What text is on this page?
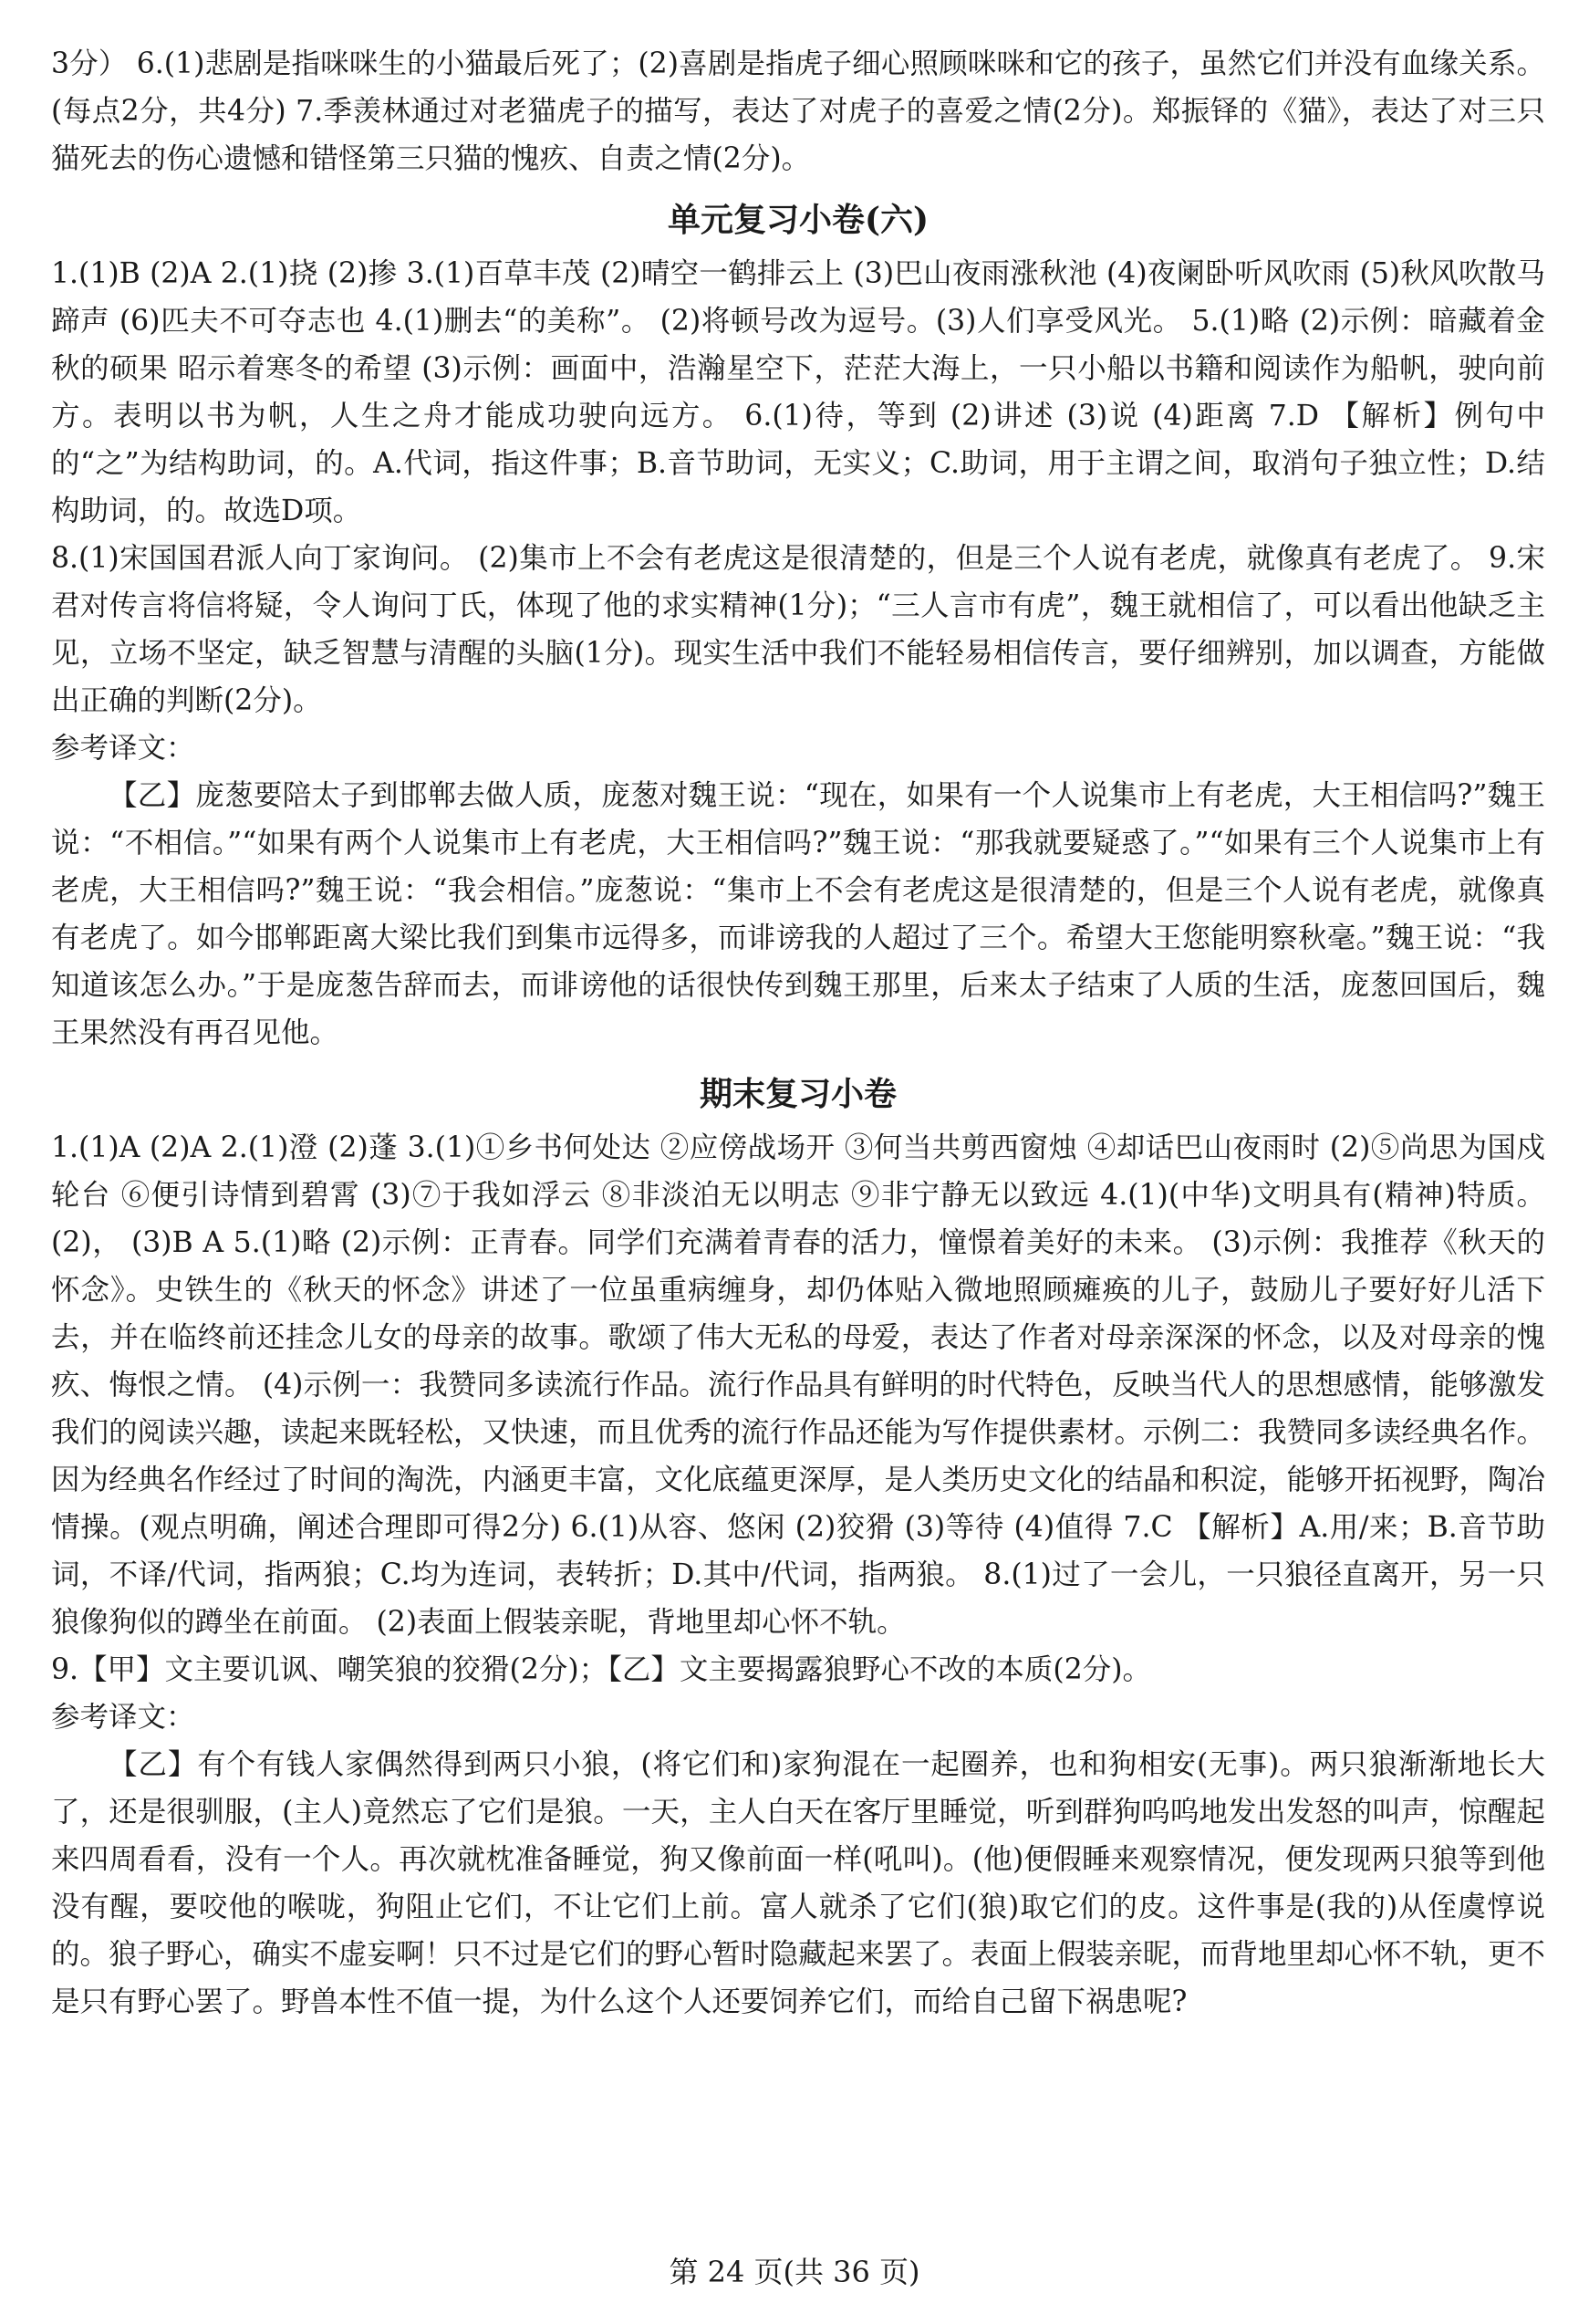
3分） 6.(1)悲剧是指咪咪生的小猫最后死了；(2)喜剧是指虎子细心照顾咪咪和它的孩子，虽然它们并没有血缘关系。(每点2分，共4分) 7.季羡林通过对老猫虎子的描写，表达了对虎子的喜爱之情(2分)。郑振铎的《猫》，表达了对三只猫死去的伤心遗憾和错怪第三只猫的愧疚、自责之情(2分)。

单元复习小卷(六)

1.(1)B (2)A 2.(1)挠 (2)掺 3.(1)百草丰茂 (2)晴空一鹤排云上 (3)巴山夜雨涨秋池 (4)夜阑卧听风吹雨 (5)秋风吹散马蹄声 (6)匹夫不可夺志也 4.(1)删去“的美称”。 (2)将顿号改为逗号。(3)人们享受风光。 5.(1)略 (2)示例：暗藏着金秋的硕果 昭示着寒冬的希望 (3)示例：画面中，浩瀚星空下，茫茫大海上，一只小船以书籍和阅读作为船帆，驶向前方。表明以书为帆，人生之舟才能成功驶向远方。 6.(1)待，等到 (2)讲述 (3)说 (4)距离 7.D 【解析】例句中的“之”为结构助词，的。A.代词，指这件事；B.音节助词，无实义；C.助词，用于主谓之间，取消句子独立性；D.结构助词，的。故选D项。

8.(1)宋国国君派人向丁家询问。 (2)集市上不会有老虎这是很清楚的，但是三个人说有老虎，就像真有老虎了。 9.宋君对传言将信将疑，令人询问丁氏，体现了他的求实精神(1分)；“三人言市有虎”，魏王就相信了，可以看出他缺乏主见，立场不坚定，缺乏智慧与清醒的头脑(1分)。现实生活中我们不能轻易相信传言，要仔细辨别，加以调查，方能做出正确的判断(2分)。

参考译文：

【乙】庞葱要陪太子到邯郸去做人质，庞葱对魏王说：“现在，如果有一个人说集市上有老虎，大王相信吗?”魏王说：“不相信。”“如果有两个人说集市上有老虎，大王相信吗?”魏王说：“那我就要疑惑了。”“如果有三个人说集市上有老虎，大王相信吗?”魏王说：“我会相信。”庞葱说：“集市上不会有老虎这是很清楚的，但是三个人说有老虎，就像真有老虎了。如今邯郸距离大梁比我们到集市远得多，而诽谤我的人超过了三个。希望大王您能明察秋毫。”魏王说：“我知道该怎么办。”于是庞葱告辞而去，而诽谤他的话很快传到魏王那里，后来太子结束了人质的生活，庞葱回国后，魏王果然没有再召见他。

期末复习小卷

1.(1)A (2)A 2.(1)澄 (2)蓬 3.(1)①乡书何处达 ②应傍战场开 ③何当共剪西窗烛 ④却话巴山夜雨时 (2)⑤尚思为国戍轮台 ⑥便引诗情到碧霄 (3)⑦于我如浮云 ⑧非淡泊无以明志 ⑨非宁静无以致远 4.(1)(中华)文明具有(精神)特质。 (2)， (3)B A 5.(1)略 (2)示例：正青春。同学们充满着青春的活力，憧憬着美好的未来。 (3)示例：我推荐《秋天的怀念》。史铁生的《秋天的怀念》讲述了一位虽重病缠身，却仍体贴入微地照顾瘫痪的儿子，鼓励儿子要好好儿活下去，并在临终前还挂念儿女的母亲的故事。歌颂了伟大无私的母爱，表达了作者对母亲深深的怀念，以及对母亲的愧疚、悔恨之情。 (4)示例一：我赞同多读流行作品。流行作品具有鲜明的时代特色，反映当代人的思想感情，能够激发我们的阅读兴趣，读起来既轻松，又快速，而且优秀的流行作品还能为写作提供素材。示例二：我赞同多读经典名作。因为经典名作经过了时间的淘洗，内涵更丰富，文化底蕴更深厚，是人类历史文化的结晶和积淀，能够开拓视野，陶冶情操。(观点明确，阐述合理即可得2分) 6.(1)从容、悠闲 (2)狡猾 (3)等待 (4)值得 7.C 【解析】A.用/来；B.音节助词，不译/代词，指两狼；C.均为连词，表转折；D.其中/代词，指两狼。 8.(1)过了一会儿，一只狼径直离开，另一只狼像狗似的蹲坐在前面。 (2)表面上假装亲昵，背地里却心怀不轨。

9.【甲】文主要讥讽、嘲笑狼的狡猾(2分)；【乙】文主要揭露狼野心不改的本质(2分)。

参考译文：

【乙】有个有钱人家偶然得到两只小狼，(将它们和)家狗混在一起圈养，也和狗相安(无事)。两只狼渐渐地长大了，还是很驯服，(主人)竟然忘了它们是狼。一天，主人白天在客厅里睡觉，听到群狗呜呜地发出发怒的叫声，惊醒起来四周看看，没有一个人。再次就枕准备睡觉，狗又像前面一样(吼叫)。(他)便假睡来观察情况，便发现两只狼等到他没有醒，要咬他的喉咙，狗阻止它们，不让它们上前。富人就杀了它们(狼)取它们的皮。这件事是(我的)从侄虞惇说的。狼子野心，确实不虚妄啊！只不过是它们的野心暂时隐藏起来罢了。表面上假装亲昵，而背地里却心怀不轨，更不是只有野心罢了。野兽本性不值一提，为什么这个人还要饲养它们，而给自己留下祸患呢?

第 24 页(共 36 页)
